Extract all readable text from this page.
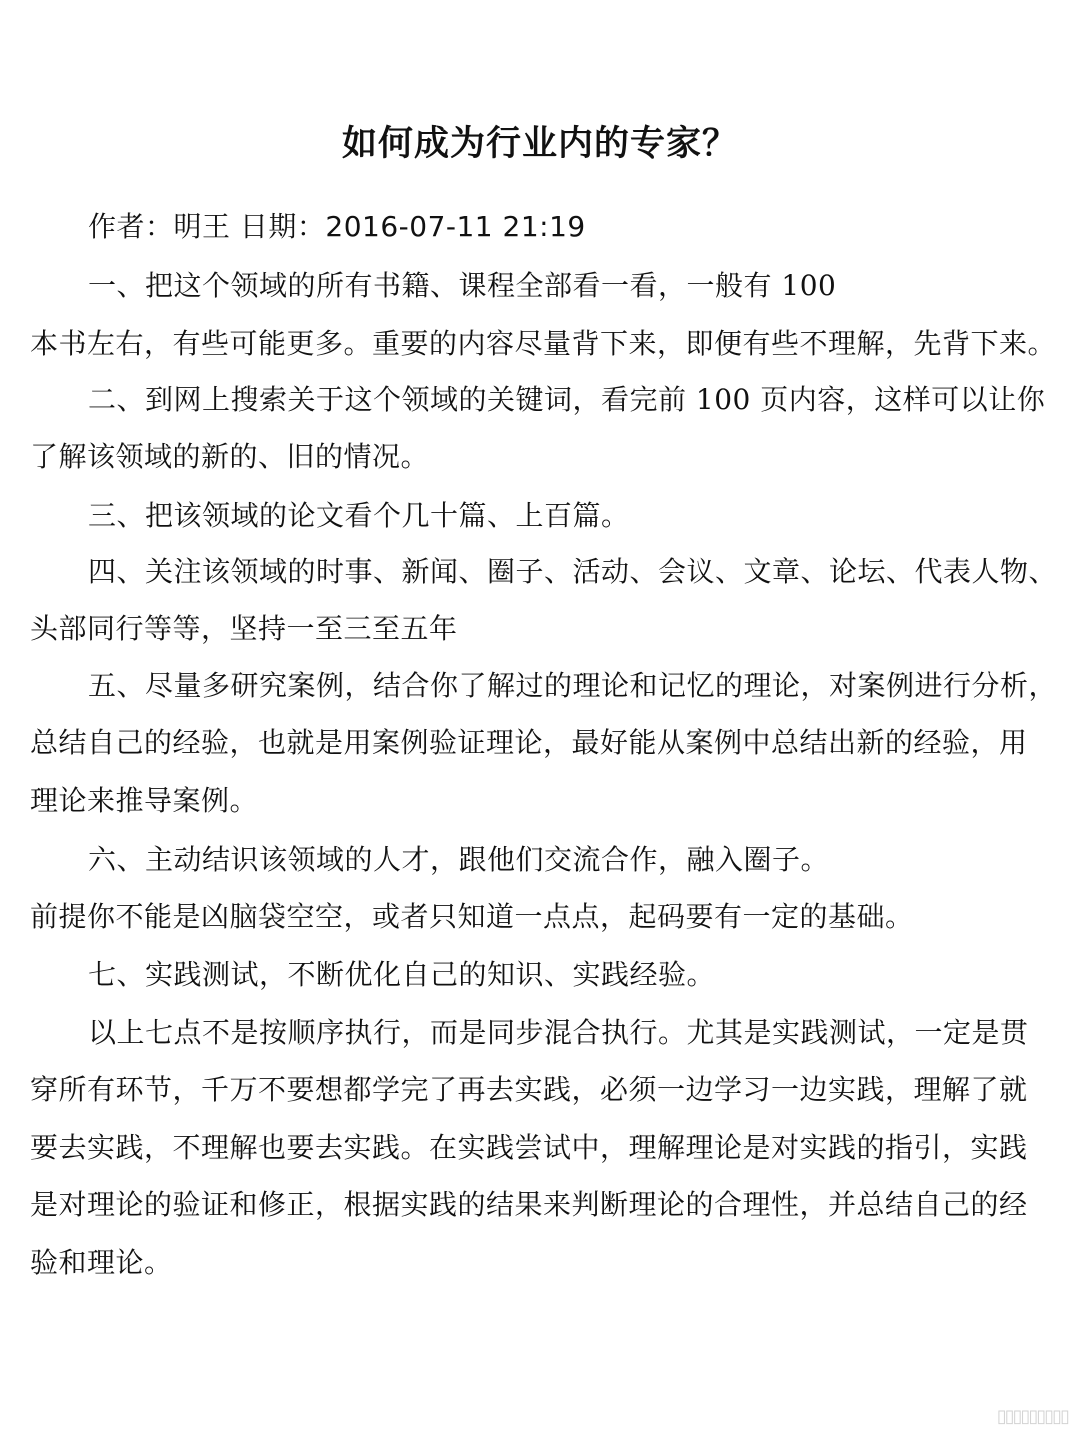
如何成为行业内的专家？
作者：明王 日期：2016-07-11 21:19
一、把这个领域的所有书籍、课程全部看一看，一般有 100
本书左右，有些可能更多。重要的内容尽量背下来，即便有些不理解，先背下来。
二、到网上搜索关于这个领域的关键词，看完前 100 页内容，这样可以让你
了解该领域的新的、旧的情况。
三、把该领域的论文看个几十篇、上百篇。
四、关注该领域的时事、新闻、圈子、活动、会议、文章、论坛、代表人物、
头部同行等等，坚持一至三至五年
五、尽量多研究案例，结合你了解过的理论和记忆的理论，对案例进行分析，
总结自己的经验，也就是用案例验证理论，最好能从案例中总结出新的经验，用
理论来推导案例。
六、主动结识该领域的人才，跟他们交流合作，融入圈子。
前提你不能是凶脑袋空空，或者只知道一点点，起码要有一定的基础。
七、实践测试，不断优化自己的知识、实践经验。
以上七点不是按顺序执行，而是同步混合执行。尤其是实践测试，一定是贯
穿所有环节，千万不要想都学完了再去实践，必须一边学习一边实践，理解了就
要去实践，不理解也要去实践。在实践尝试中，理解理论是对实践的指引，实践
是对理论的验证和修正，根据实践的结果来判断理论的合理性，并总结自己的经
验和理论。
▯▯▯▯▯▯▯▯▯
